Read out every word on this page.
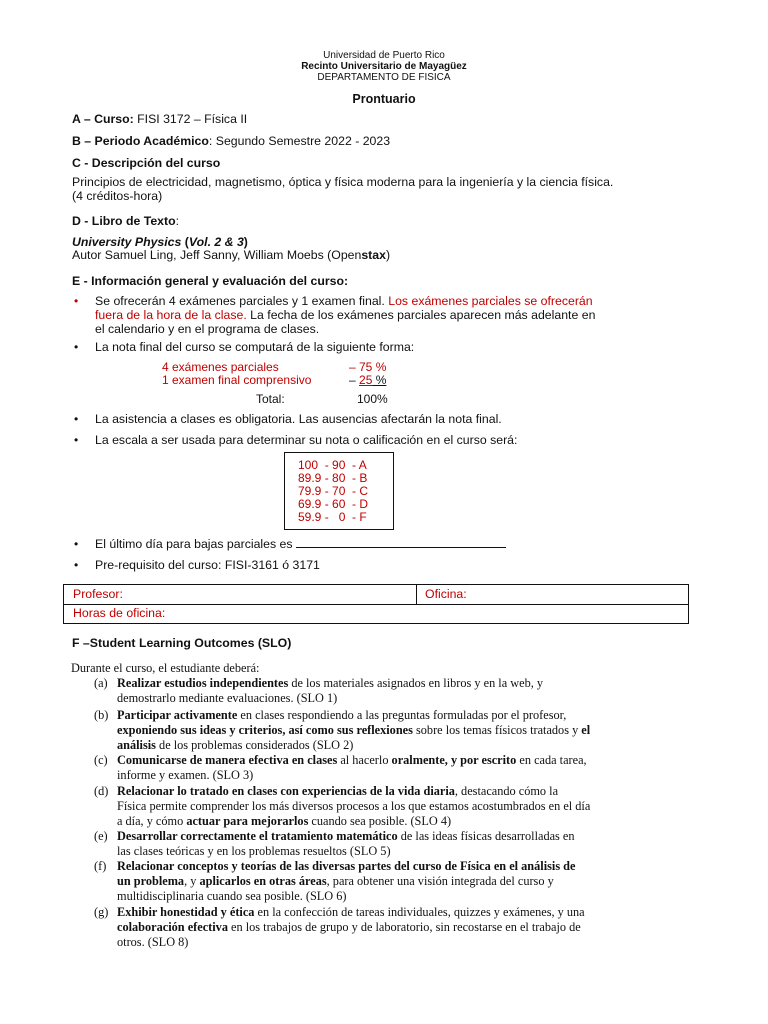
Universidad de Puerto Rico
Recinto Universitario de Mayagüez
DEPARTAMENTO DE FISICA
Prontuario
A – Curso: FISI 3172 – Física II
B – Periodo Académico: Segundo Semestre 2022 - 2023
C - Descripción del curso
Principios de electricidad, magnetismo, óptica y física moderna para la ingeniería y la ciencia física.
(4 créditos-hora)
D - Libro de Texto:
University Physics (Vol. 2 & 3)
Autor Samuel Ling, Jeff Sanny, William Moebs (Openstax)
E - Información general y evaluación del curso:
• Se ofrecerán 4 exámenes parciales y 1 examen final. Los exámenes parciales se ofrecerán
fuera de la hora de la clase. La fecha de los exámenes parciales aparecen más adelante en
el calendario y en el programa de clases.
• La nota final del curso se computará de la siguiente forma:
4 exámenes parciales	– 75 %
1 examen final comprensivo	– 25 %
Total:	100%
• La asistencia a clases es obligatoria. Las ausencias afectarán la nota final.
• La escala a ser usada para determinar su nota o calificación en el curso será:
100  - 90  - A
89.9 - 80  - B
79.9 - 70  - C
69.9 - 60  - D
59.9 -   0  - F
• El último día para bajas parciales es
• Pre-requisito del curso: FISI-3161 ó 3171
Profesor:	Oficina:
Horas de oficina:
F –Student Learning Outcomes (SLO)
Durante el curso, el estudiante deberá:
(a) Realizar estudios independientes de los materiales asignados en libros y en la web, y
demostrarlo mediante evaluaciones. (SLO 1)
(b) Participar activamente en clases respondiendo a las preguntas formuladas por el profesor,
exponiendo sus ideas y criterios, así como sus reflexiones sobre los temas físicos tratados y el
análisis de los problemas considerados (SLO 2)
(c) Comunicarse de manera efectiva en clases al hacerlo oralmente, y por escrito en cada tarea,
informe y examen. (SLO 3)
(d) Relacionar lo tratado en clases con experiencias de la vida diaria, destacando cómo la
Física permite comprender los más diversos procesos a los que estamos acostumbrados en el día
a día, y cómo actuar para mejorarlos cuando sea posible. (SLO 4)
(e) Desarrollar correctamente el tratamiento matemático de las ideas físicas desarrolladas en
las clases teóricas y en los problemas resueltos (SLO 5)
(f) Relacionar conceptos y teorías de las diversas partes del curso de Física en el análisis de
un problema, y aplicarlos en otras áreas, para obtener una visión integrada del curso y
multidisciplinaria cuando sea posible. (SLO 6)
(g) Exhibir honestidad y ética en la confección de tareas individuales, quizzes y exámenes, y una
colaboración efectiva en los trabajos de grupo y de laboratorio, sin recostarse en el trabajo de
otros. (SLO 8)
